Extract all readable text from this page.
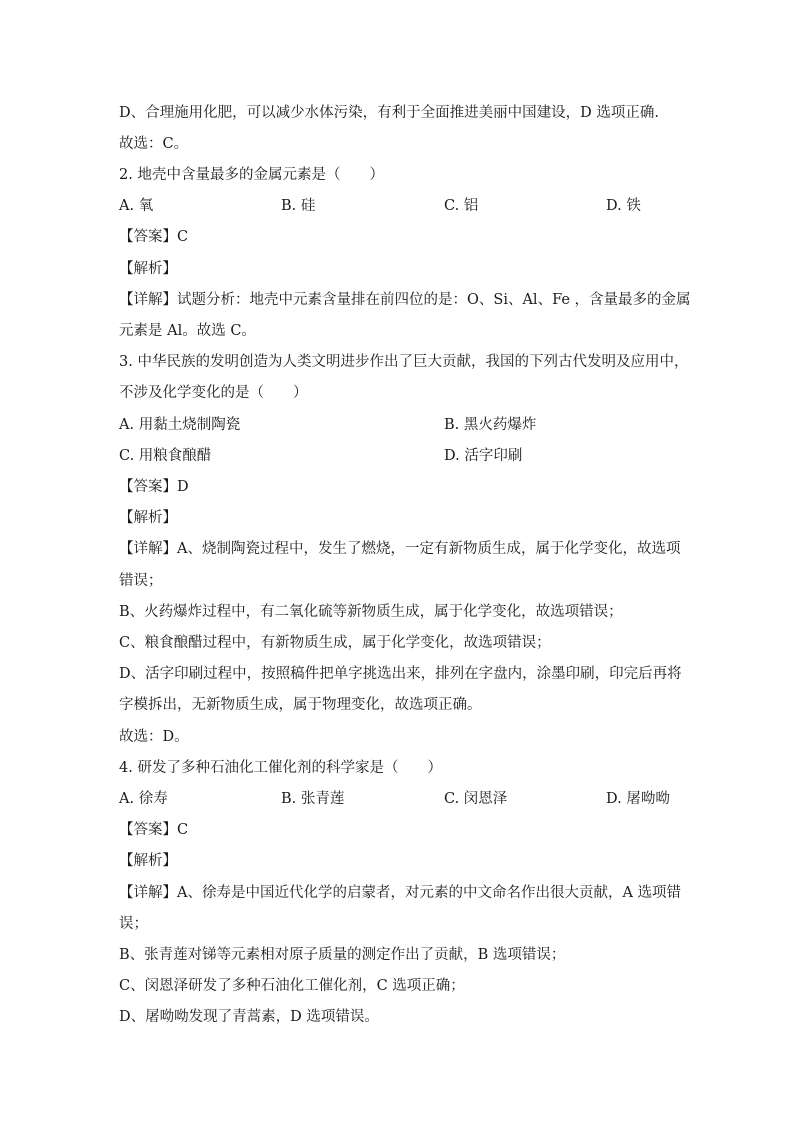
D、合理施用化肥，可以减少水体污染，有利于全面推进美丽中国建设，D 选项正确.
故选：C。
2. 地壳中含量最多的金属元素是（　　）
A. 氧	B. 硅	C. 铝	D. 铁
【答案】C
【解析】
【详解】试题分析：地壳中元素含量排在前四位的是：O、Si、Al、Fe ，含量最多的金属
元素是 Al。故选 C。
3. 中华民族的发明创造为人类文明进步作出了巨大贡献，我国的下列古代发明及应用中，
不涉及化学变化的是（　　）
A. 用黏土烧制陶瓷	B. 黑火药爆炸
C. 用粮食酿醋	D. 活字印刷
【答案】D
【解析】
【详解】A、烧制陶瓷过程中，发生了燃烧，一定有新物质生成，属于化学变化，故选项
错误；
B、火药爆炸过程中，有二氧化硫等新物质生成，属于化学变化，故选项错误；
C、粮食酿醋过程中，有新物质生成，属于化学变化，故选项错误；
D、活字印刷过程中，按照稿件把单字挑选出来，排列在字盘内，涂墨印刷，印完后再将
字模拆出，无新物质生成，属于物理变化，故选项正确。
故选：D。
4. 研发了多种石油化工催化剂的科学家是（　　）
A. 徐寿	B. 张青莲	C. 闵恩泽	D. 屠呦呦
【答案】C
【解析】
【详解】A、徐寿是中国近代化学的启蒙者，对元素的中文命名作出很大贡献，A 选项错
误；
B、张青莲对锑等元素相对原子质量的测定作出了贡献，B 选项错误；
C、闵恩泽研发了多种石油化工催化剂，C 选项正确；
D、屠呦呦发现了青蒿素，D 选项错误。
